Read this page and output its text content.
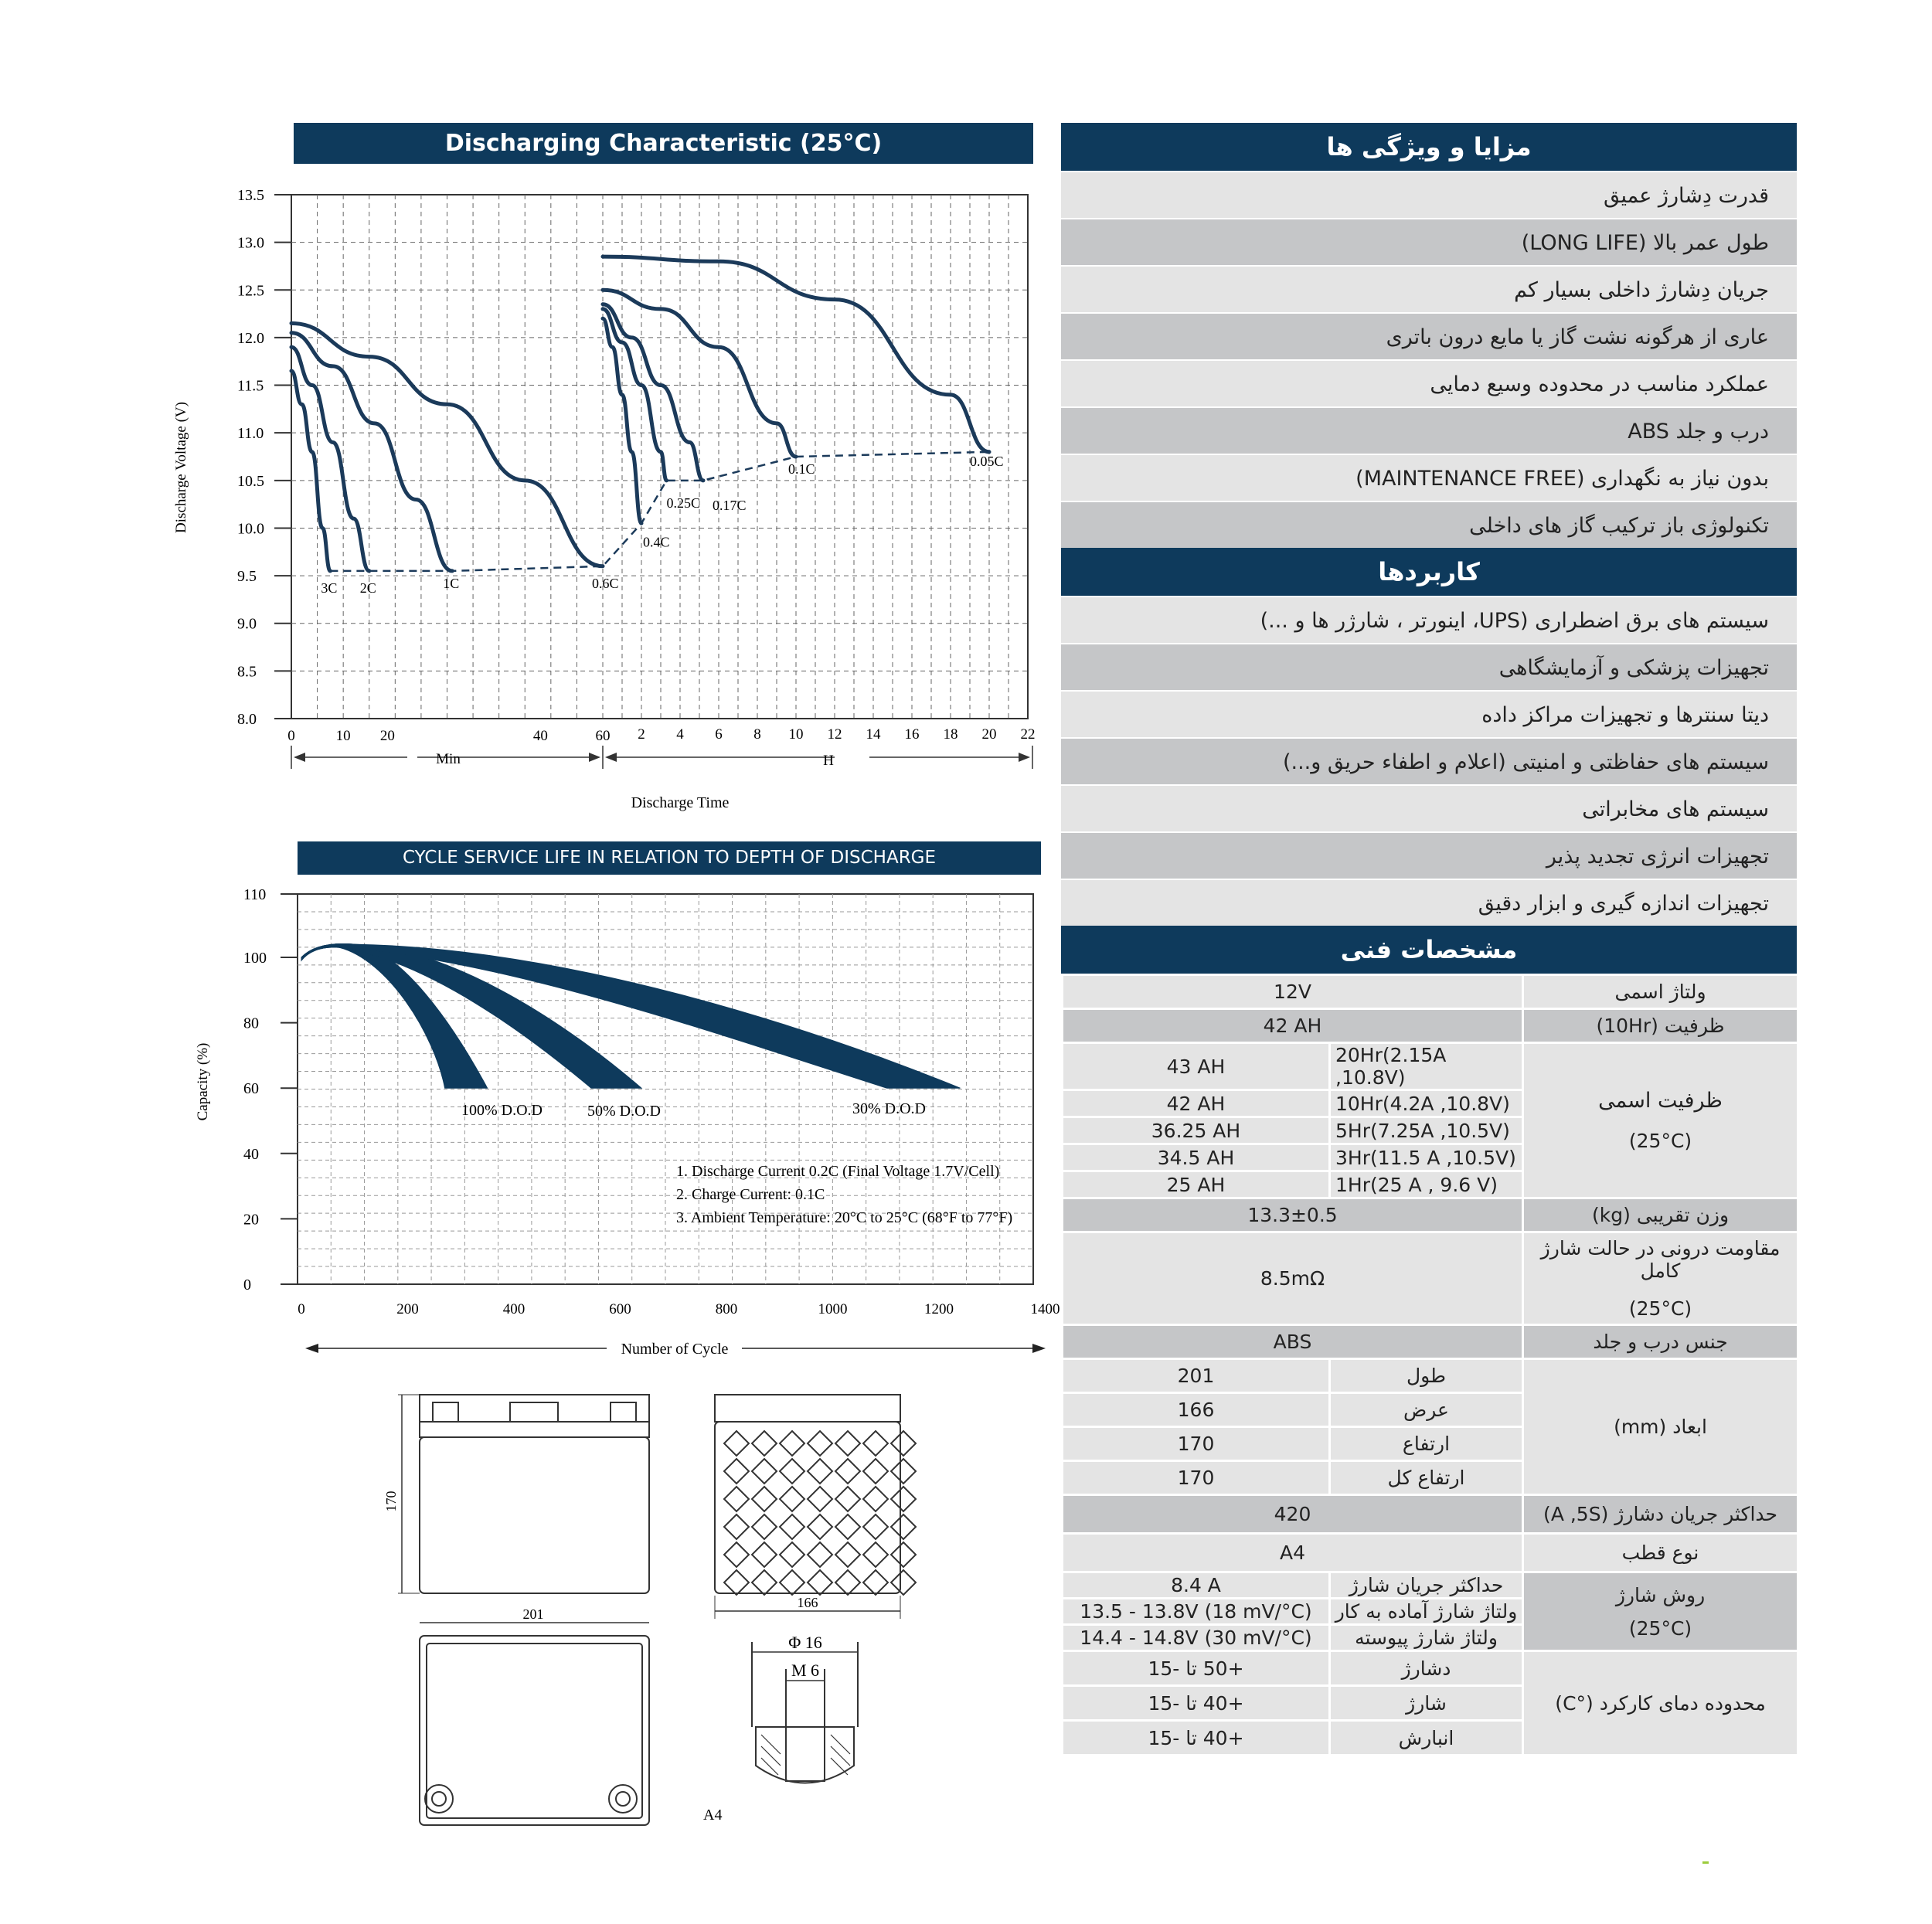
Discharging Characteristic (25°C)
13.5
13.0
12.5
12.0
11.5
11.0
10.5
10.0
9.5
9.0
8.5
8.0
0	10 20	40	60 2 4 6 8 10 12 14 16 18 20 22
3C 2C	1C	0.6C
0.4C
0.25C 0.17C
0.1C
0.05C
Discharge Voltage (V)
Min	H
Discharge Time
CYCLE SERVICE LIFE IN RELATION TO DEPTH OF DISCHARGE
110
100
80
60
40
20
0
0	200	400	600	800	1000	1200	1400
Capacity (%)	100% D.O.D	50% D.O.D	30% D.O.D
1. Discharge Current 0.2C (Final Voltage 1.7V/Cell)
2. Charge Current: 0.1C
3. Ambient Temperature: 20°C to 25°C (68°F to 77°F)
Number of Cycle
170
201
166
Φ 16
M 6
A4
مزایا و ویژگی ها
قدرت دِشارژ عمیق
طول عمر بالا (LONG LIFE)
جریان دِشارژ داخلی بسیار کم
عاری از هرگونه نشت گاز یا مایع درون باتری
عملکرد مناسب در محدوده وسیع دمایی
درب و جلد ABS
بدون نیاز به نگهداری (MAINTENANCE FREE)
تکنولوژی باز ترکیب گاز های داخلی
کاربردها
سیستم های برق اضطراری (UPS، اینورتر ، شارژر ها و ...)
تجهیزات پزشکی و آزمایشگاهی
دیتا سنترها و تجهیزات مراکز داده
سیستم های حفاظتی و امنیتی (اعلام و اطفاء حریق و...)
سیستم های مخابراتی
تجهیزات انرژی تجدید پذیر
تجهیزات اندازه گیری و ابزار دقیق
مشخصات فنی
12V		ولتاژ اسمی
42 AH		ظرفیت (10Hr)
43 AH	20Hr(2.15A ,10.8V)	ظرفیت اسمی
(25°C)

42 AH	10Hr(4.2A ,10.8V)	
36.25 AH	5Hr(7.25A ,10.5V)	
34.5 AH	3Hr(11.5 A ,10.5V)	
25 AH	1Hr(25 A , 9.6 V)	
13.3±0.5		وزن تقریبی (kg)
8.5mΩ		مقاومت درونی در حالت شارژ کامل
(25°C)

ABS		جنس درب و جلد
201	طول	ابعاد (mm)
166	عرض	
170	ارتفاع	
170	ارتفاع کل	
420		حداکثر جریان دشارژ (A ,5S)
A4		نوع قطب
8.4 A	حداکثر جریان شارژ	روش شارژ
(25°C)

13.5 - 13.8V (18 mV/°C)	ولتاژ شارژ آماده به کار	
14.4 - 14.8V (30 mV/°C)	ولتاژ شارژ پیوسته	
+50 تا -15	دشارژ	محدوده دمای کارکرد (°C)
+40 تا -15	شارژ	
+40 تا -15	انبارش	
